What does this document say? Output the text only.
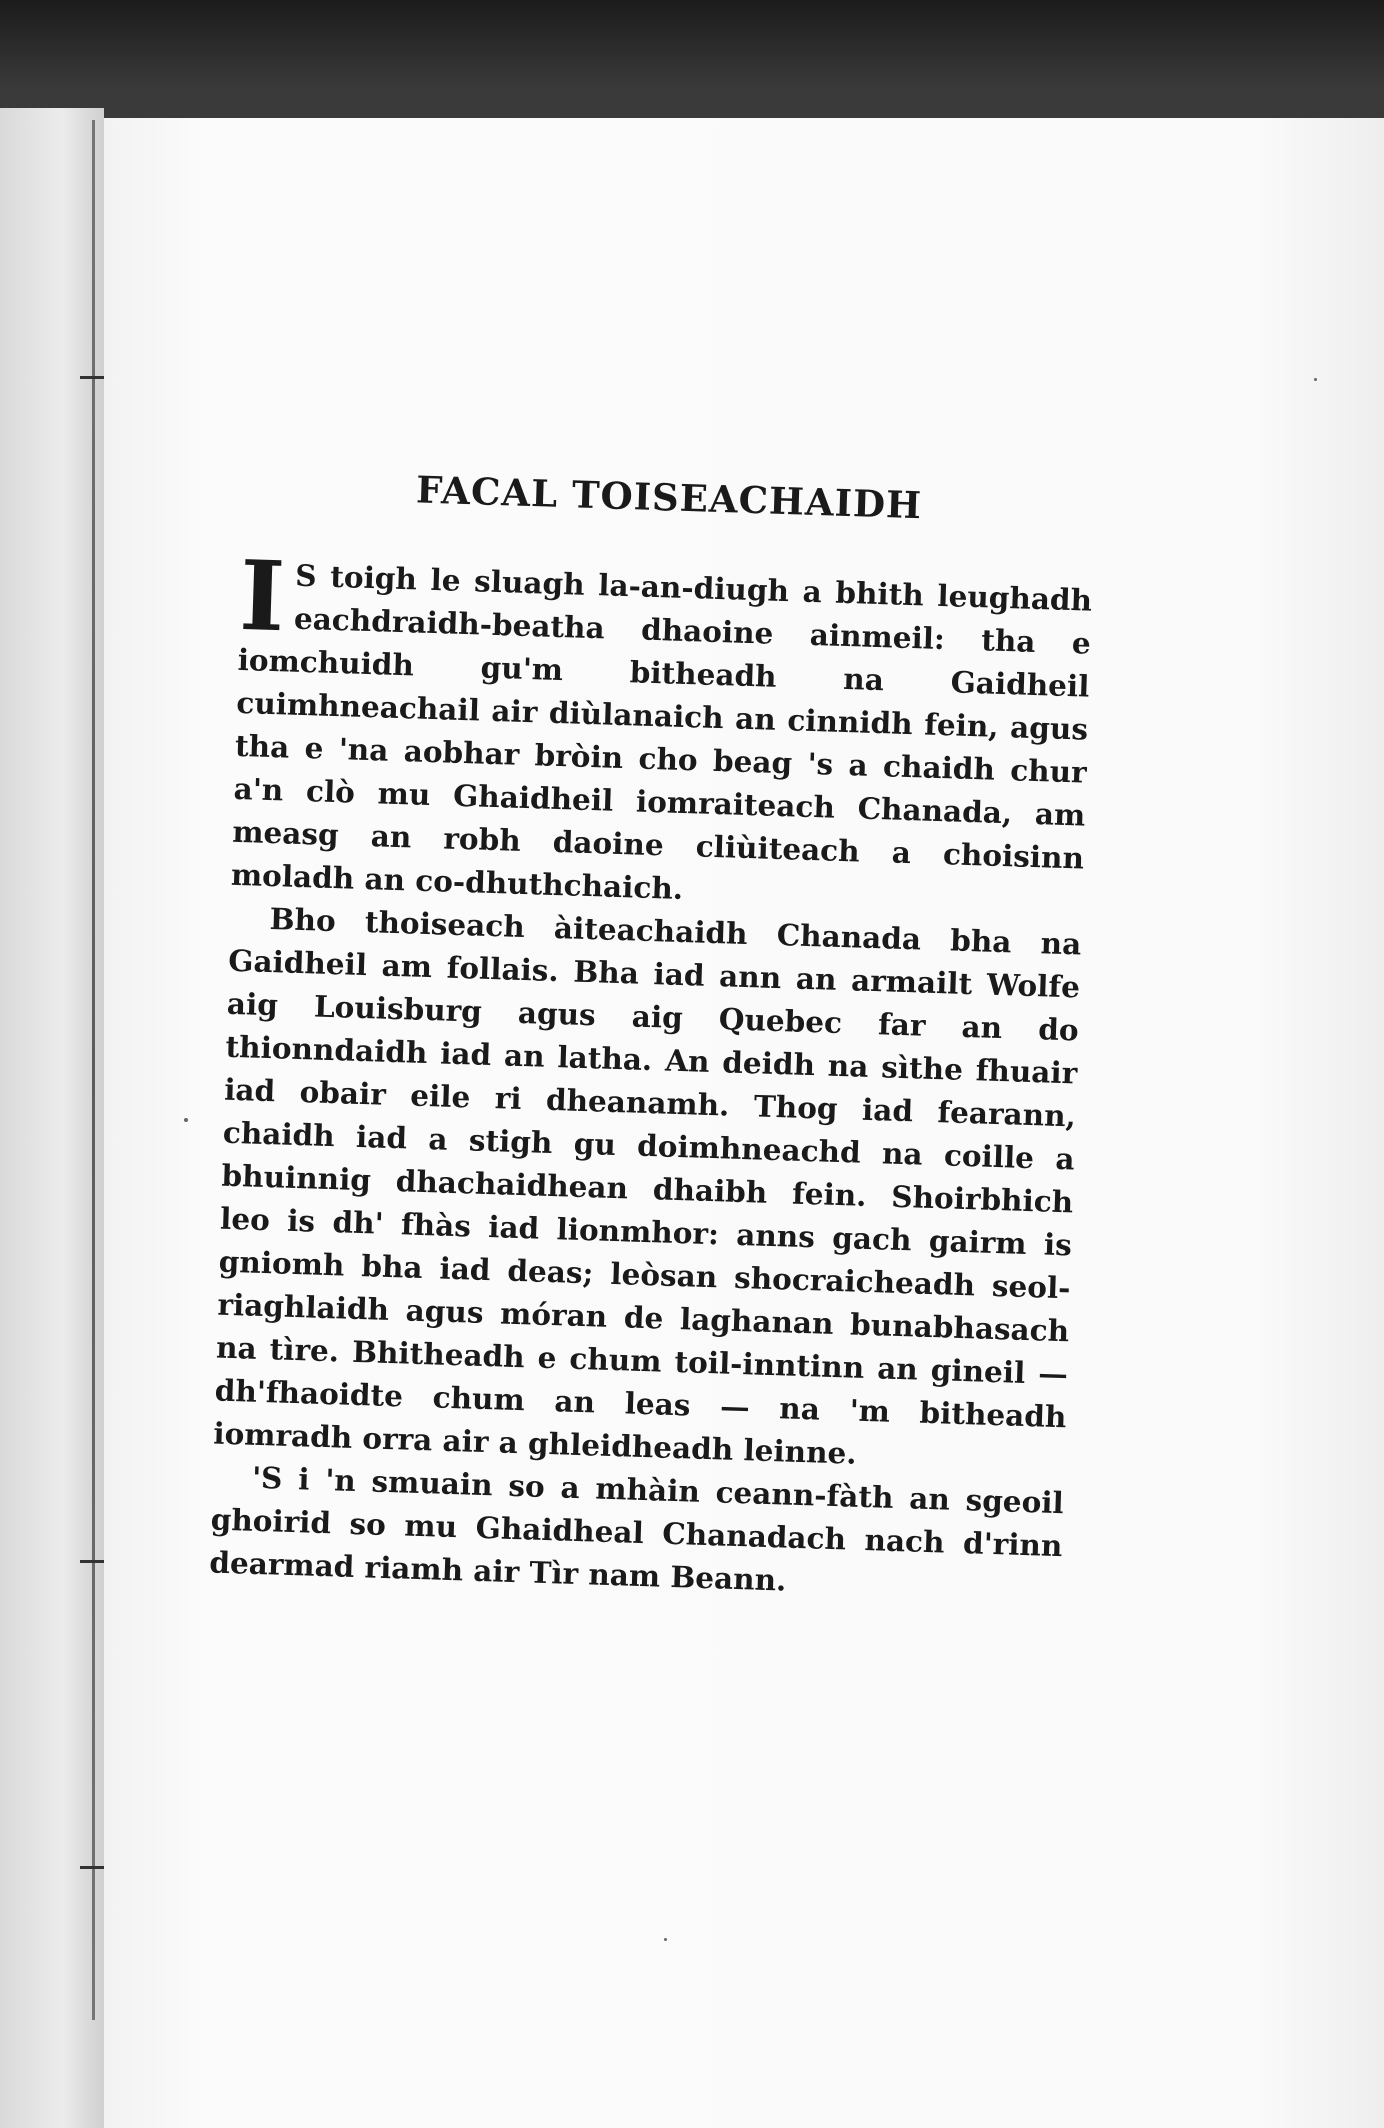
FACAL TOISEACHAIDH

I S toigh le sluagh la-an-diugh a bhith leughadh eachdraidh-beatha dhaoine ainmeil: tha e iomchuidh gu'm bitheadh na Gaidheil cuimhneachail air diùlanaich an cinnidh fein, agus tha e 'na aobhar bròin cho beag 's a chaidh chur a'n clò mu Ghaidheil iomraiteach Chanada, am measg an robh daoine cliùiteach a choisinn moladh an co-dhuthchaich.

Bho thoiseach àiteachaidh Chanada bha na Gaidheil am follais. Bha iad ann an armailt Wolfe aig Louisburg agus aig Quebec far an do thionndaidh iad an latha. An deidh na sìthe fhuair iad obair eile ri dheanamh. Thog iad fearann, chaidh iad a stigh gu doimhneachd na coille a bhuinnig dhachaidhean dhaibh fein. Shoirbhich leo is dh' fhàs iad lionmhor: anns gach gairm is gniomh bha iad deas; leòsan shocraicheadh seol-riaghlaidh agus móran de laghanan bunabhasach na tìre. Bhitheadh e chum toil-inntinn an gineil — dh'fhaoidte chum an leas — na 'm bitheadh iomradh orra air a ghleidheadh leinne.

'S i 'n smuain so a mhàin ceann-fàth an sgeoil ghoirid so mu Ghaidheal Chanadach nach d'rinn dearmad riamh air Tìr nam Beann.
